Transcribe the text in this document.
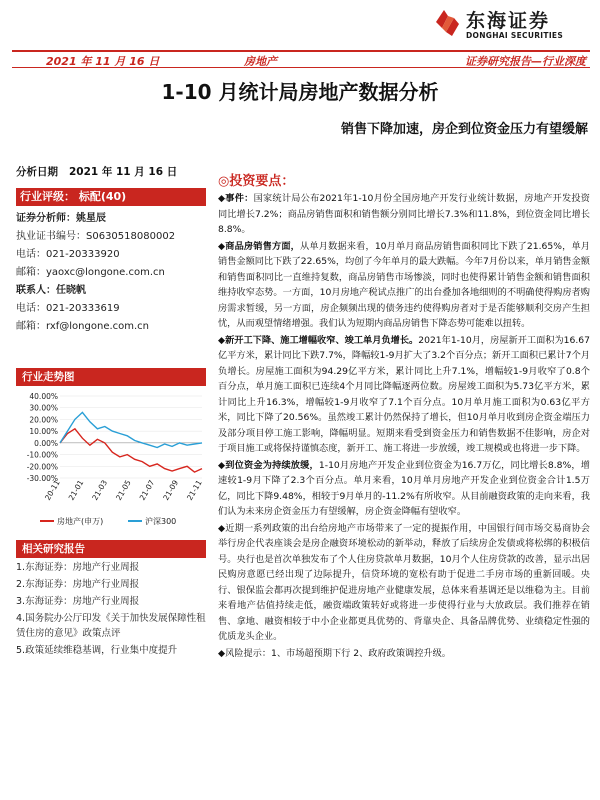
东海证券
DONGHAI SECURITIES
2021 年 11 月 16 日	房地产	证券研究报告—行业深度
1-10 月统计局房地产数据分析
销售下降加速，房企到位资金压力有望缓解
分析日期 2021 年 11 月 16 日
行业评级： 标配(40)
证券分析师：姚星辰
执业证书编号：S0630518080002
电话：021-20333920
邮箱：yaoxc@longone.com.cn
联系人：任晓帆
电话：021-20333619
邮箱：rxf@longone.com.cn
行业走势图
40.00%
30.00%
20.00%
10.00%
0.00%
-10.00%
-20.00%
-30.00%
20-11 21-01 21-03 21-05 21-07 21-09 21-11
房地产(申万)	沪深300
相关研究报告
1.东海证券：房地产行业周报
2.东海证券：房地产行业周报
3.东海证券：房地产行业周报
4.国务院办公厅印发《关于加快发展保障性租赁住房的意见》政策点评
5.政策延续维稳基调，行业集中度提升
◎投资要点：
◆事件：国家统计局公布2021年1-10月份全国房地产开发行业统计数据，房地产开发投资同比增长7.2%；商品房销售面积和销售额分别同比增长7.3%和11.8%，到位资金同比增长8.8%。
◆商品房销售方面，从单月数据来看，10月单月商品房销售面积同比下跌了21.65%，单月销售金额同比下跌了22.65%，均创了今年单月的最大跌幅。今年7月份以来，单月销售金额和销售面积同比一直维持复数，商品房销售市场惨淡，同时也使得累计销售金额和销售面积维持收窄态势。一方面，10月房地产税试点推广的出台叠加各地细则的不明确使得购房者购房需求暂缓，另一方面，房企频频出现的债务违约使得购房者对于是否能够顺利交房产生担忧，从而观望情绪增强。我们认为短期内商品房销售下降态势可能难以扭转。
◆新开工下降、施工增幅收窄、竣工单月负增长。2021年1-10月，房屋新开工面积为16.67亿平方米，累计同比下跌7.7%，降幅较1-9月扩大了3.2个百分点；新开工面积已累计7个月负增长。房屋施工面积为94.29亿平方米，累计同比上升7.1%，增幅较1-9月收窄了0.8个百分点，单月施工面积已连续4个月同比降幅逐两位数。房屋竣工面积为5.73亿平方米，累计同比上升16.3%，增幅较1-9月收窄了7.1个百分点。10月单月施工面积为0.63亿平方米，同比下降了20.56%。虽然竣工累计仍然保持了增长，但10月单月收到房企资金端压力及部分项目停工施工影响，降幅明显。短期来看受到资金压力和销售数据不佳影响，房企对于项目施工或将保持谨慎态度，新开工、施工将进一步放缓，竣工规模或也将进一步下降。
◆到位资金为持续放缓，1-10月房地产开发企业到位资金为16.7万亿，同比增长8.8%，增速较1-9月下降了2.3个百分点。单月来看，10月单月房地产开发企业到位资金合计1.5万亿，同比下降9.48%，相较于9月单月的-11.2%有所收窄。从目前融资政策的走向来看，我们认为未来房企资金压力有望缓解，房企资金降幅有望收窄。
◆近期一系列政策的出台给房地产市场带来了一定的提振作用，中国银行间市场交易商协会举行房企代表座谈会是房企融资环境松动的新举动，释放了后续房企发债或将松绑的积极信号。央行也是首次单独发布了个人住房贷款单月数据，10月个人住房贷款的改善，显示出居民购房意愿已经出现了边际提升，信贷环境的宽松有助于促进二手房市场的重新回暖。央行、银保监会都再次提到维护促进房地产业健康发展，总体来看基调还是以维稳为主。目前来看地产估值持续走低，融资端政策转好或将进一步使得行业与大放政层。我们推荐在销售、拿地、融资相较于中小企业都更具优势的、背靠央企、具备品牌优势、业绩稳定性强的优质龙头企业。
◆风险提示：1、市场超预期下行 2、政府政策调控升级。
